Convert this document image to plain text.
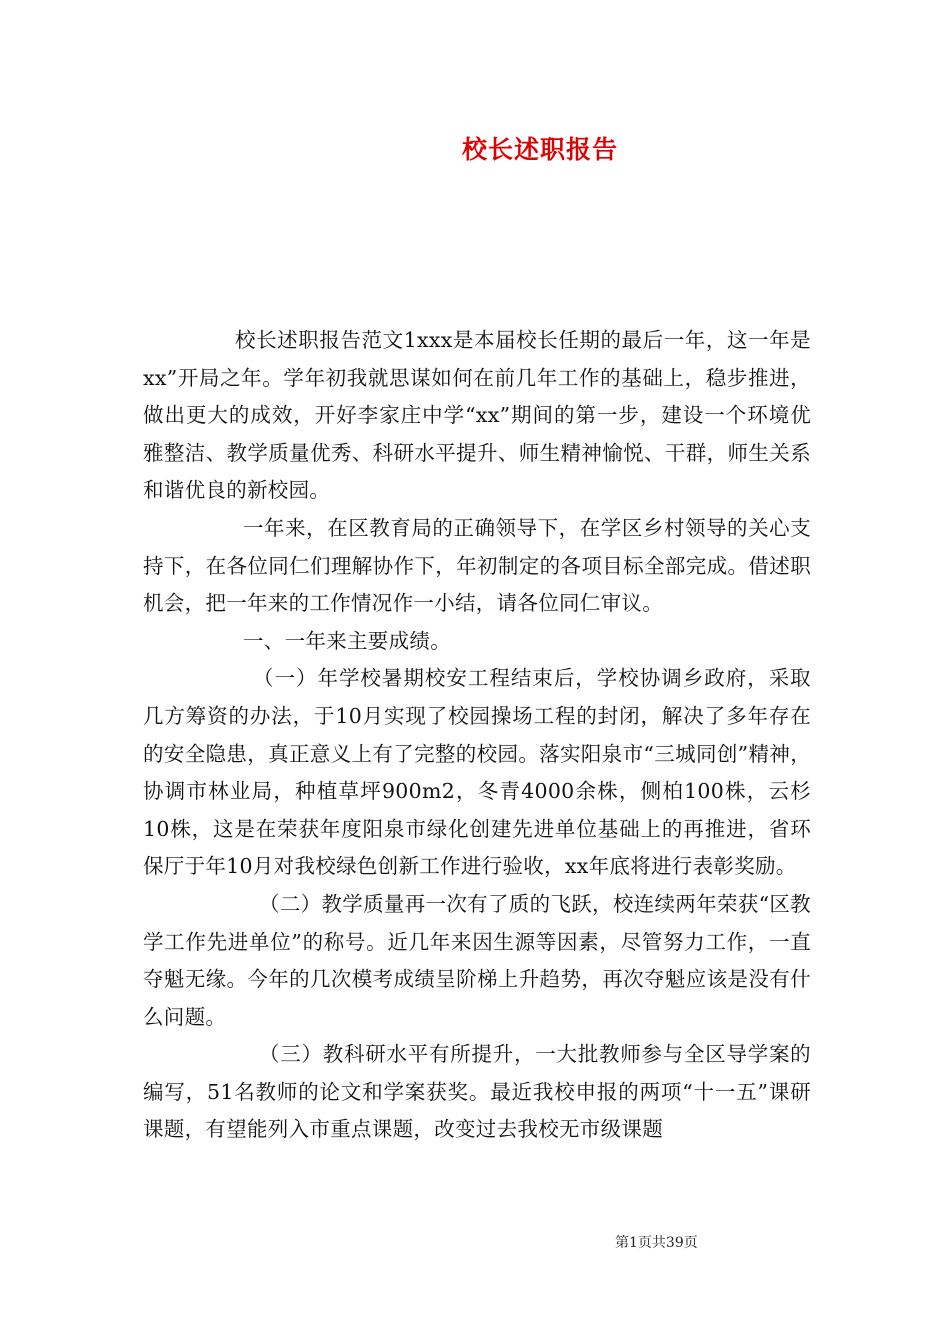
校长述职报告

校长述职报告范文1xxx是本届校长任期的最后一年，这一年是xx”开局之年。学年初我就思谋如何在前几年工作的基础上，稳步推进，做出更大的成效，开好李家庄中学“xx”期间的第一步，建设一个环境优雅整洁、教学质量优秀、科研水平提升、师生精神愉悦、干群，师生关系和谐优良的新校园。

一年来，在区教育局的正确领导下，在学区乡村领导的关心支持下，在各位同仁们理解协作下，年初制定的各项目标全部完成。借述职机会，把一年来的工作情况作一小结，请各位同仁审议。

一、一年来主要成绩。

（一）年学校暑期校安工程结束后，学校协调乡政府，采取几方筹资的办法，于10月实现了校园操场工程的封闭，解决了多年存在的安全隐患，真正意义上有了完整的校园。落实阳泉市“三城同创”精神，协调市林业局，种植草坪900m2，冬青4000余株，侧柏100株，云杉10株，这是在荣获年度阳泉市绿化创建先进单位基础上的再推进，省环保厅于年10月对我校绿色创新工作进行验收，xx年底将进行表彰奖励。

（二）教学质量再一次有了质的飞跃，校连续两年荣获“区教学工作先进单位”的称号。近几年来因生源等因素，尽管努力工作，一直夺魁无缘。今年的几次模考成绩呈阶梯上升趋势，再次夺魁应该是没有什么问题。

（三）教科研水平有所提升，一大批教师参与全区导学案的编写，51名教师的论文和学案获奖。最近我校申报的两项“十一五”课研课题，有望能列入市重点课题，改变过去我校无市级课题

第1页共39页
